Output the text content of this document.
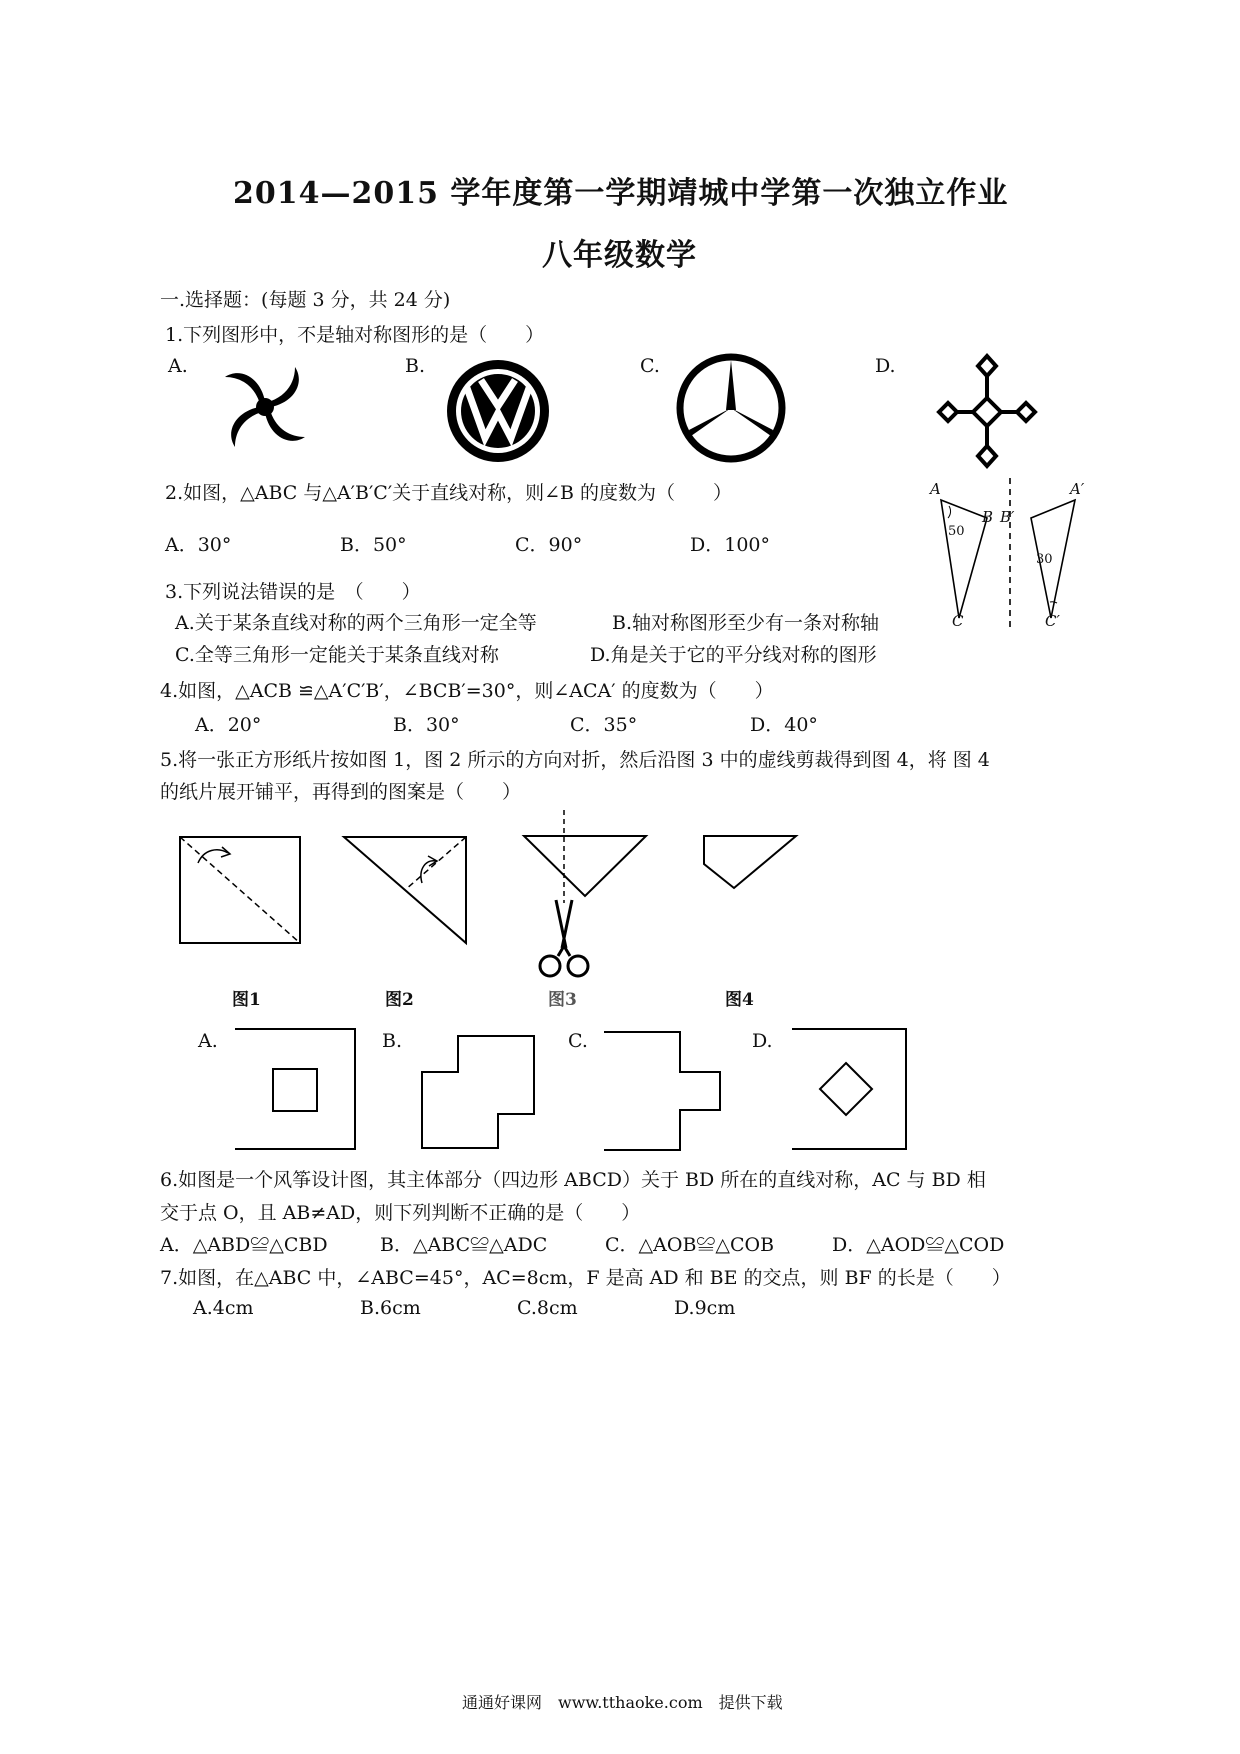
2014—2015 学年度第一学期靖城中学第一次独立作业
八年级数学
一.选择题：(每题 3 分，共 24 分)
1.下列图形中，不是轴对称图形的是（　　）
A.	B.	C.	D.
2.如图，△ABC 与△A′B′C′关于直线对称，则∠B 的度数为（　　）
A．30°	B．50°	C．90°	D．100°
A
B B′
A′
C	C′
50
30
3.下列说法错误的是　（　　）
A.关于某条直线对称的两个三角形一定全等	B.轴对称图形至少有一条对称轴
C.全等三角形一定能关于某条直线对称	D.角是关于它的平分线对称的图形
4.如图，△ACB ≌△A′C′B′，∠BCB′=30°，则∠ACA′ 的度数为（　　）
A．20°	B．30°	C．35°	D．40°
5.将一张正方形纸片按如图 1，图 2 所示的方向对折，然后沿图 3 中的虚线剪裁得到图 4，将 图 4
的纸片展开铺平，再得到的图案是（　　）
图1	图2	图3	图4
A.	B.	C.	D.
6.如图是一个风筝设计图，其主体部分（四边形 ABCD）关于 BD 所在的直线对称，AC 与 BD 相
交于点 O，且 AB≠AD，则下列判断不正确的是（　　）
A．△ABD≌△CBD	B．△ABC≌△ADC	C．△AOB≌△COB	D．△AOD≌△COD
7.如图，在△ABC 中，∠ABC=45°，AC=8cm，F 是高 AD 和 BE 的交点，则 BF 的长是（　　）
A.4cm	B.6cm	C.8cm	D.9cm
通通好课网　www.tthaoke.com　提供下载
